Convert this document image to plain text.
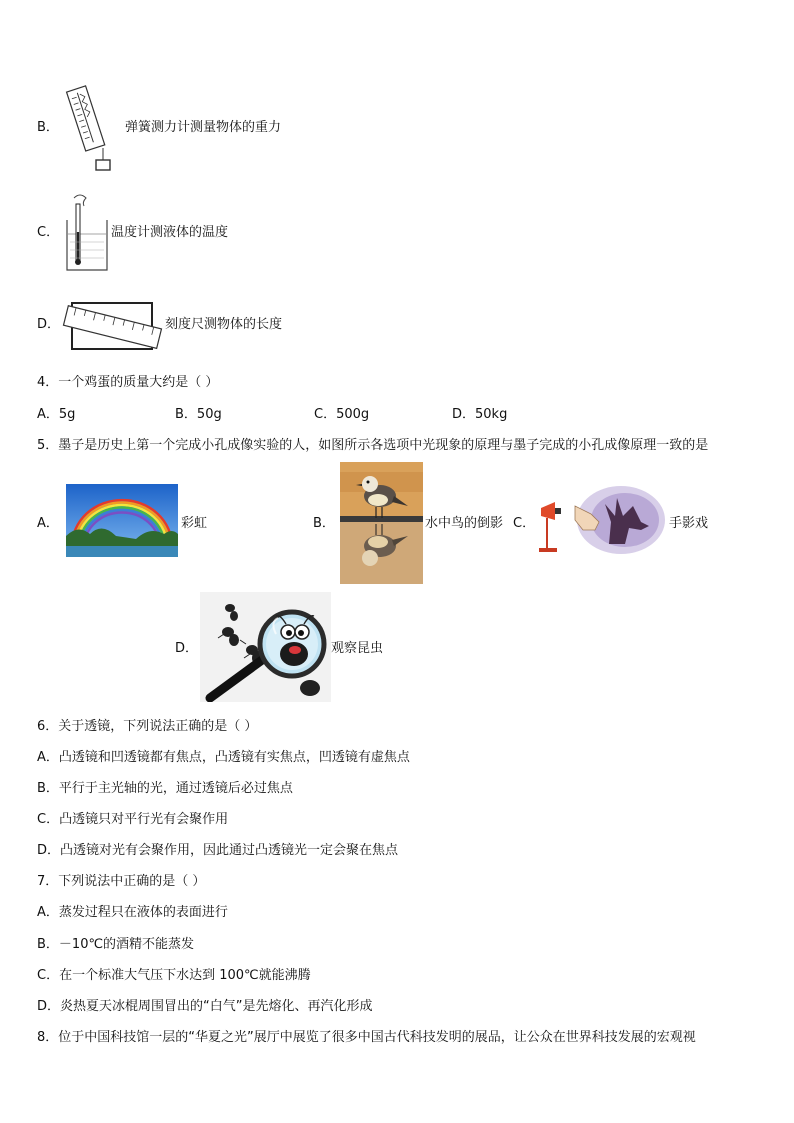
B．	弹簧测力计测量物体的重力
C．	温度计测液体的温度
D．	刻度尺测物体的长度
4．一个鸡蛋的质量大约是（ ）
A．5g	B．50g	C．500g	D．50kg
5．墨子是历史上第一个完成小孔成像实验的人，如图所示各选项中光现象的原理与墨子完成的小孔成像原理一致的是
A．	彩虹	B．	水中鸟的倒影 C．	手影戏
D．	观察昆虫
6．关于透镜，下列说法正确的是（ ）
A．凸透镜和凹透镜都有焦点，凸透镜有实焦点，凹透镜有虚焦点
B．平行于主光轴的光，通过透镜后必过焦点
C．凸透镜只对平行光有会聚作用
D．凸透镜对光有会聚作用，因此通过凸透镜光一定会聚在焦点
7．下列说法中正确的是（ ）
A．蒸发过程只在液体的表面进行
B．－10℃的酒精不能蒸发
C．在一个标准大气压下水达到 100℃就能沸腾
D．炎热夏天冰棍周围冒出的“白气”是先熔化、再汽化形成
8．位于中国科技馆一层的“华夏之光”展厅中展览了很多中国古代科技发明的展品，让公众在世界科技发展的宏观视
